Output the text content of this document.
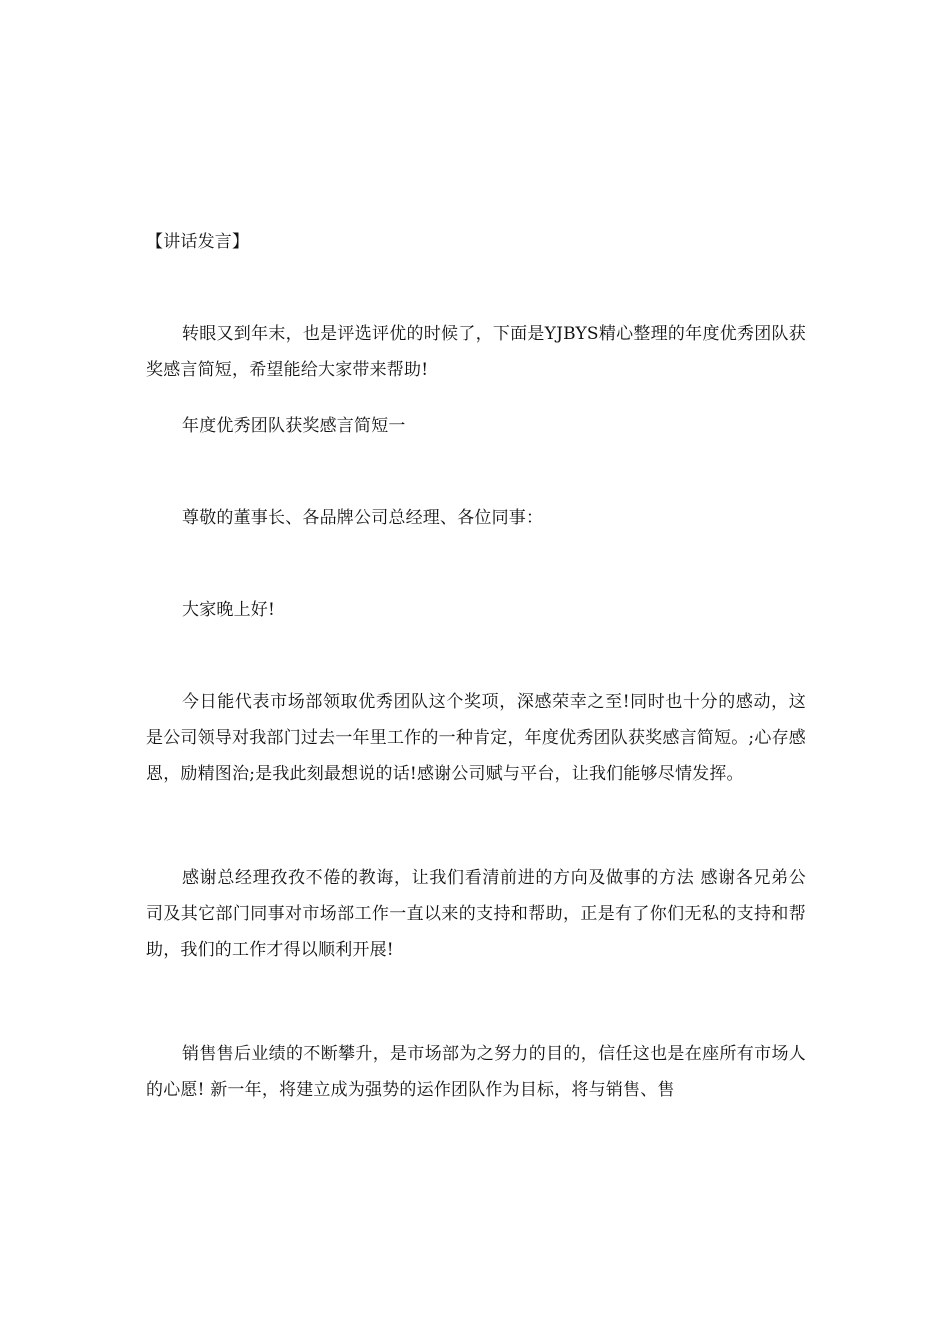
【讲话发言】

转眼又到年末，也是评选评优的时候了，下面是YJBYS精心整理的年度优秀团队获奖感言简短，希望能给大家带来帮助!

年度优秀团队获奖感言简短一

尊敬的董事长、各品牌公司总经理、各位同事：

大家晚上好!

今日能代表市场部领取优秀团队这个奖项，深感荣幸之至!同时也十分的感动，这是公司领导对我部门过去一年里工作的一种肯定，年度优秀团队获奖感言简短。;心存感恩，励精图治;是我此刻最想说的话!感谢公司赋与平台，让我们能够尽情发挥。

感谢总经理孜孜不倦的教诲，让我们看清前进的方向及做事的方法 感谢各兄弟公司及其它部门同事对市场部工作一直以来的支持和帮助，正是有了你们无私的支持和帮助，我们的工作才得以顺利开展!

销售售后业绩的不断攀升，是市场部为之努力的目的，信任这也是在座所有市场人的心愿! 新一年，将建立成为强势的运作团队作为目标，将与销售、售
